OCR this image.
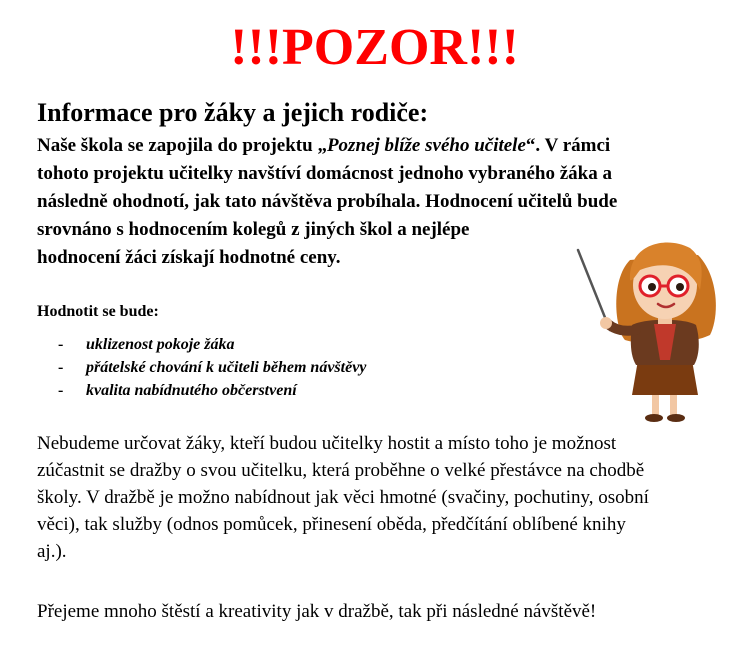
!!!POZOR!!!
Informace pro žáky a jejich rodiče:

Naše škola se zapojila do projektu „Poznej blíže svého učitele“. V rámci
tohoto projektu učitelky navštíví domácnost jednoho vybraného žáka a
následně ohodnotí, jak tato návštěva probíhala. Hodnocení učitelů bude
srovnáno s hodnocením kolegů z jiných škol a nejlépe
hodnocení žáci získají hodnotné ceny.

Hodnotit se bude:

-	uklizenost pokoje žáka
-	přátelské chování k učiteli během návštěvy
-	kvalita nabídnutého občerstvení

Nebudeme určovat žáky, kteří budou učitelky hostit a místo toho je možnost
zúčastnit se dražby o svou učitelku, která proběhne o velké přestávce na chodbě
školy. V dražbě je možno nabídnout jak věci hmotné (svačiny, pochutiny, osobní
věci), tak služby (odnos pomůcek, přinesení oběda, předčítání oblíbené knihy
aj.).

Přejeme mnoho štěstí a kreativity jak v dražbě, tak při následné návštěvě!
